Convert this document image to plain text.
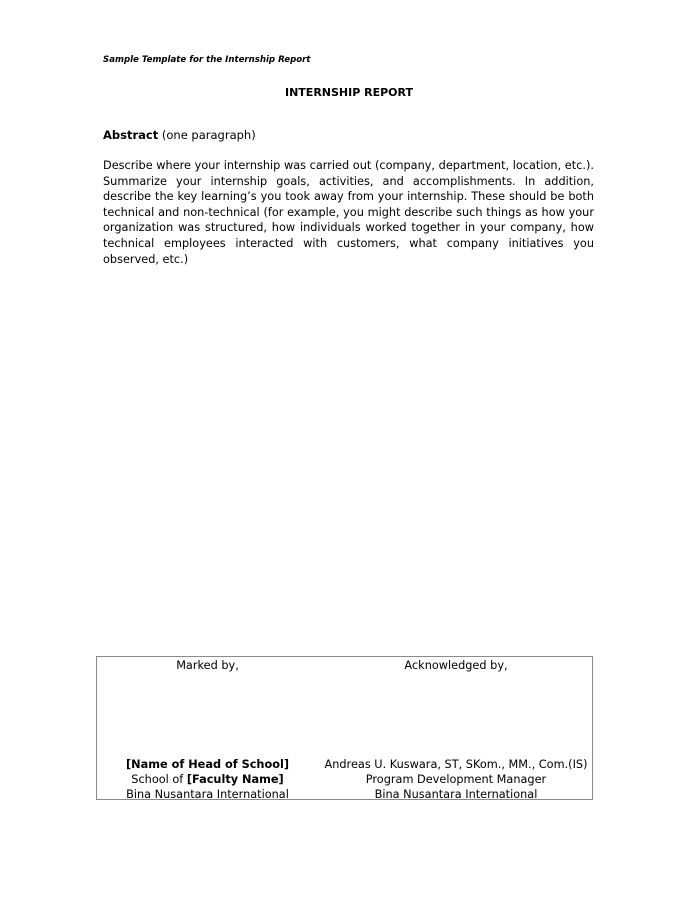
Sample Template for the Internship Report
INTERNSHIP REPORT
Abstract (one paragraph)
Describe where your internship was carried out (company, department, location, etc.). Summarize your internship goals, activities, and accomplishments. In addition, describe the key learning’s you took away from your internship. These should be both technical and non-technical (for example, you might describe such things as how your organization was structured, how individuals worked together in your company, how technical employees interacted with customers, what company initiatives you observed, etc.)
Marked by,
[Name of Head of School]
School of [Faculty Name]
Bina Nusantara International
Acknowledged by,
Andreas U. Kuswara, ST, SKom., MM., Com.(IS)
Program Development Manager
Bina Nusantara International
